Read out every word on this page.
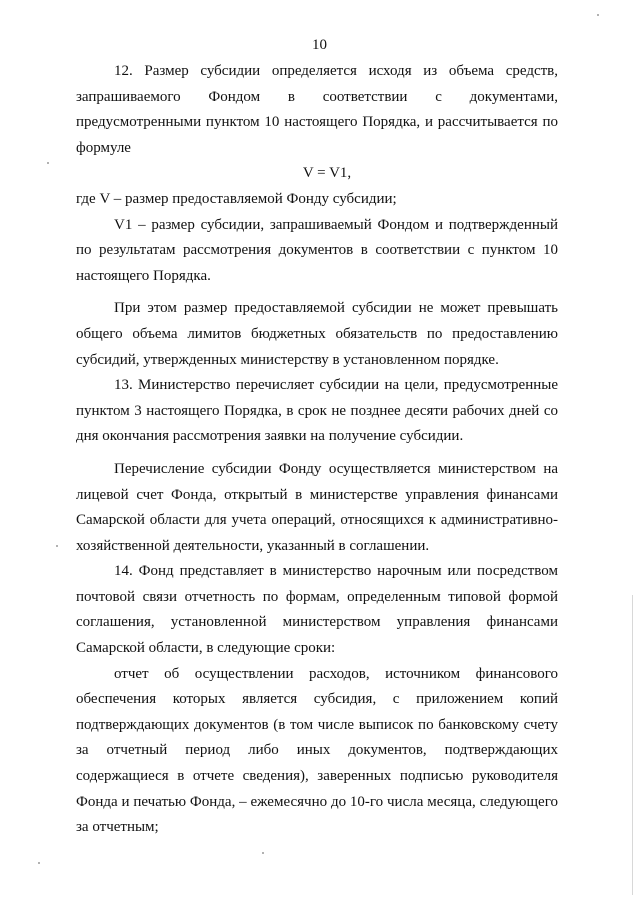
10

12. Размер субсидии определяется исходя из объема средств, запрашиваемого Фондом в соответствии с документами, предусмотренными пунктом 10 настоящего Порядка, и рассчитывается по формуле

V = V1,

где V – размер предоставляемой Фонду субсидии;

V1 – размер субсидии, запрашиваемый Фондом и подтвержденный по результатам рассмотрения документов в соответствии с пунктом 10 настоящего Порядка.

При этом размер предоставляемой субсидии не может превышать общего объема лимитов бюджетных обязательств по предоставлению субсидий, утвержденных министерству в установленном порядке.

13. Министерство перечисляет субсидии на цели, предусмотренные пунктом 3 настоящего Порядка, в срок не позднее десяти рабочих дней со дня окончания рассмотрения заявки на получение субсидии.

Перечисление субсидии Фонду осуществляется министерством на лицевой счет Фонда, открытый в министерстве управления финансами Самарской области для учета операций, относящихся к административно-хозяйственной деятельности, указанный в соглашении.

14. Фонд представляет в министерство нарочным или посредством почтовой связи отчетность по формам, определенным типовой формой соглашения, установленной министерством управления финансами Самарской области, в следующие сроки:

отчет об осуществлении расходов, источником финансового обеспечения которых является субсидия, с приложением копий подтверждающих документов (в том числе выписок по банковскому счету за отчетный период либо иных документов, подтверждающих содержащиеся в отчете сведения), заверенных подписью руководителя Фонда и печатью Фонда, – ежемесячно до 10-го числа месяца, следующего за отчетным;
